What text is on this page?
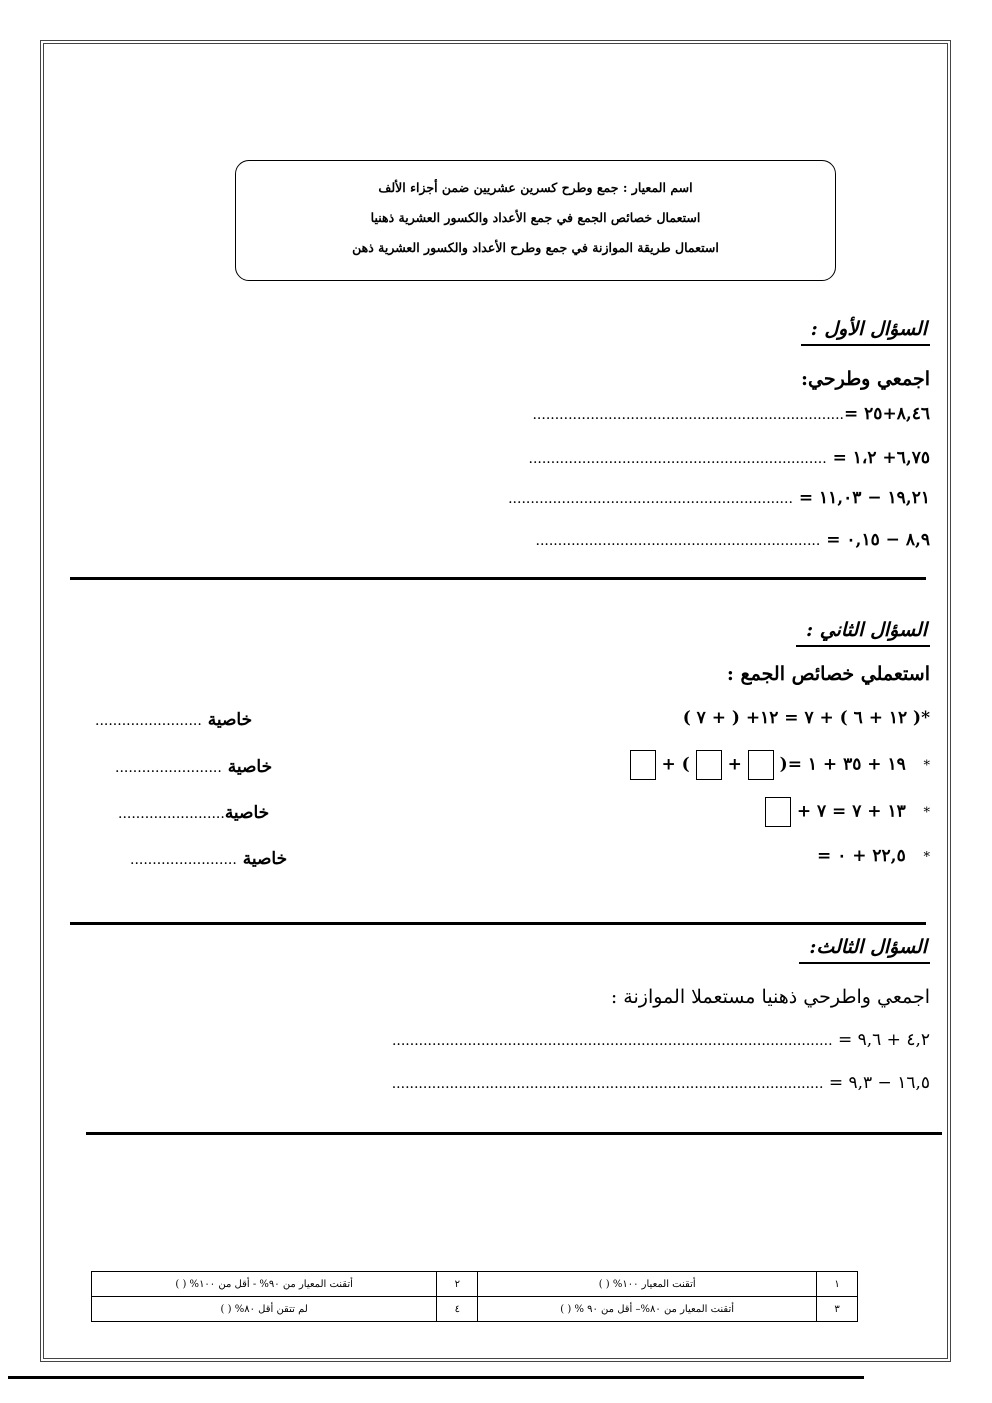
اسم المعيار : جمع وطرح كسرين عشريين ضمن أجزاء الألف
استعمال خصائص الجمع في جمع الأعداد والكسور العشرية ذهنيا
استعمال طريقة الموازنة في جمع وطرح الأعداد والكسور العشرية ذهن
السؤال الأول :
اجمعي وطرحي:
٨,٤٦+٢٥ =......................................................................
٦,٧٥+ ١،٢ = ...................................................................
١٩,٢١ − ١١,٠٣ = ................................................................
٨,٩ − ٠,١٥ = ................................................................
السؤال الثاني :
استعملي خصائص الجمع :
*( ١٢ + ٦ ) + ٧ = ١٢+ ( + ٧ )
خاصية ........................
*   ١٩ + ٣٥ + ١ =(  +  ) +
خاصية ........................
*   ١٣ + ٧ = ٧ +
خاصية........................
*   ٢٢,٥ + ٠ =
خاصية ........................
السؤال الثالث:
اجمعي واطرحي ذهنيا مستعملا الموازنة :
٤,٢ + ٩,٦ = ...................................................................................................
١٦,٥ − ٩,٣ = .................................................................................................
١	أتقنت المعيار ١٠٠% ( )	٢	أتقنت المعيار من ٩٠% - أقل من ١٠٠% ( )
٣	أتقنت المعيار من ٨٠%– أقل من ٩٠ % ( )	٤	لم تتقن أقل ٨٠% ( )
